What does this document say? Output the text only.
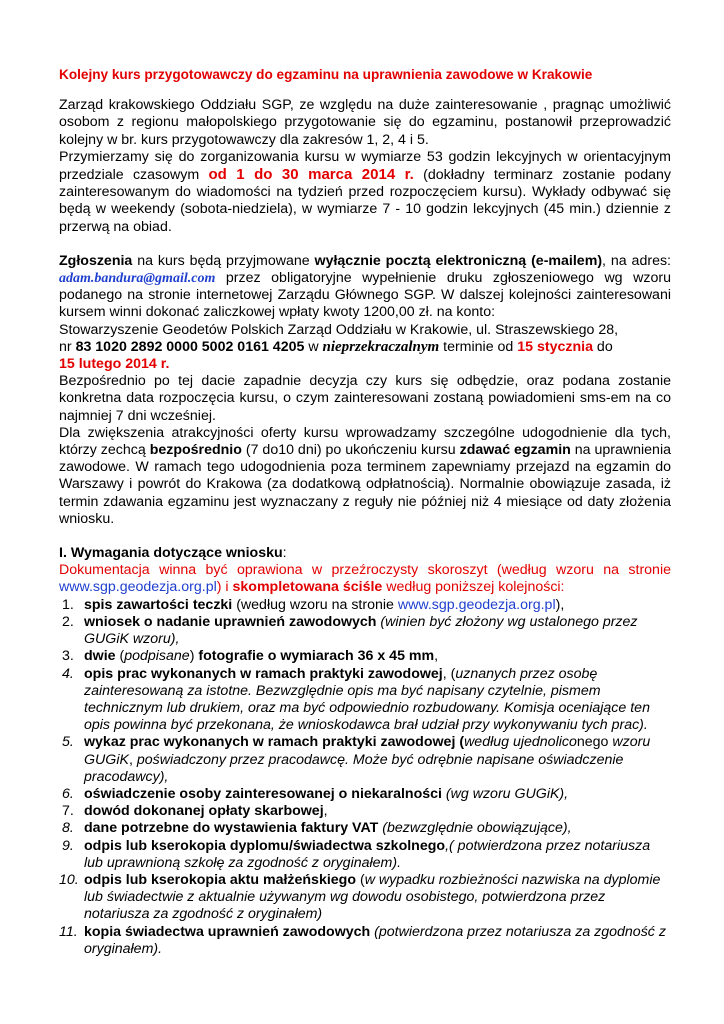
Kolejny kurs przygotowawczy do egzaminu na uprawnienia zawodowe w Krakowie

Zarząd krakowskiego Oddziału SGP, ze względu na duże zainteresowanie , pragnąc umożliwić osobom z regionu małopolskiego przygotowanie się do egzaminu, postanowił przeprowadzić kolejny w br. kurs przygotowawczy dla zakresów 1, 2, 4 i 5.
Przymierzamy się do zorganizowania kursu w wymiarze 53 godzin lekcyjnych w orientacyjnym przedziale czasowym od 1 do 30 marca 2014 r. (dokładny terminarz zostanie podany zainteresowanym do wiadomości na tydzień przed rozpoczęciem kursu). Wykłady odbywać się będą w weekendy (sobota-niedziela), w wymiarze 7 - 10 godzin lekcyjnych (45 min.) dziennie z przerwą na obiad.

Zgłoszenia na kurs będą przyjmowane wyłącznie pocztą elektroniczną (e-mailem), na adres: adam.bandura@gmail.com przez obligatoryjne wypełnienie druku zgłoszeniowego wg wzoru podanego na stronie internetowej Zarządu Głównego SGP. W dalszej kolejności zainteresowani kursem winni dokonać zaliczkowej wpłaty kwoty 1200,00 zł. na konto:
Stowarzyszenie Geodetów Polskich Zarząd Oddziału w Krakowie, ul. Straszewskiego 28,
nr 83 1020 2892 0000 5002 0161 4205 w nieprzekraczalnym terminie od 15 stycznia do
15 lutego 2014 r.

Bezpośrednio po tej dacie zapadnie decyzja czy kurs się odbędzie, oraz podana zostanie konkretna data rozpoczęcia kursu, o czym zainteresowani zostaną powiadomieni sms-em na co najmniej 7 dni wcześniej.

Dla zwiększenia atrakcyjności oferty kursu wprowadzamy szczególne udogodnienie dla tych, którzy zechcą bezpośrednio (7 do10 dni) po ukończeniu kursu zdawać egzamin na uprawnienia zawodowe. W ramach tego udogodnienia poza terminem zapewniamy przejazd na egzamin do Warszawy i powrót do Krakowa (za dodatkową odpłatnością). Normalnie obowiązuje zasada, iż termin zdawania egzaminu jest wyznaczany z reguły nie później niż 4 miesiące od daty złożenia wniosku.

I. Wymagania dotyczące wniosku:
Dokumentacja winna być oprawiona w przeźroczysty skoroszyt (według wzoru na stronie www.sgp.geodezja.org.pl) i skompletowana ściśle według poniższej kolejności:

1. spis zawartości teczki (według wzoru na stronie www.sgp.geodezja.org.pl),
2. wniosek o nadanie uprawnień zawodowych (winien być złożony wg ustalonego przez GUGiK wzoru),
3. dwie (podpisane) fotografie o wymiarach 36 x 45 mm,
4. opis prac wykonanych w ramach praktyki zawodowej, (uznanych przez osobę zainteresowaną za istotne. Bezwzględnie opis ma być napisany czytelnie, pismem technicznym lub drukiem, oraz ma być odpowiednio rozbudowany. Komisja oceniające ten opis powinna być przekonana, że wnioskodawca brał udział przy wykonywaniu tych prac).
5. wykaz prac wykonanych w ramach praktyki zawodowej (według ujednoliconego wzoru GUGiK, poświadczony przez pracodawcę. Może być odrębnie napisane oświadczenie pracodawcy),
6. oświadczenie osoby zainteresowanej o niekaralności (wg wzoru GUGiK),
7. dowód dokonanej opłaty skarbowej,
8. dane potrzebne do wystawienia faktury VAT (bezwzględnie obowiązujące),
9. odpis lub kserokopia dyplomu/świadectwa szkolnego,( potwierdzona przez notariusza lub uprawnioną szkołę za zgodność z oryginałem).
10. odpis lub kserokopia aktu małżeńskiego (w wypadku rozbieżności nazwiska na dyplomie lub świadectwie z aktualnie używanym wg dowodu osobistego, potwierdzona przez notariusza za zgodność z oryginałem)
11. kopia świadectwa uprawnień zawodowych (potwierdzona przez notariusza za zgodność z oryginałem).
